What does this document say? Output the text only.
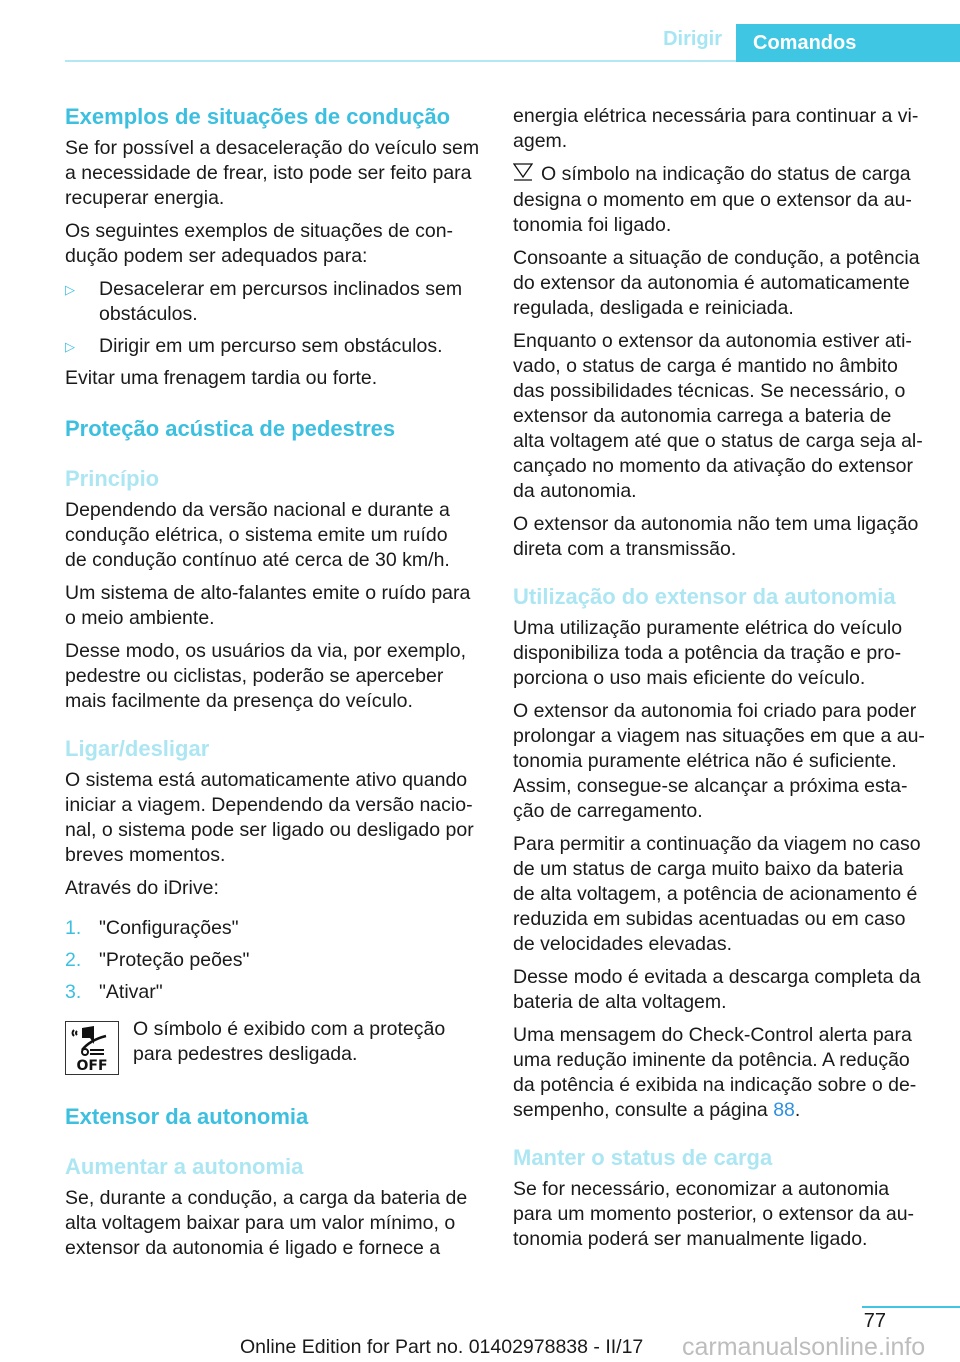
Dirigir	Comandos
Exemplos de situações de condução

Se for possível a desaceleração do veículo sem
a necessidade de frear, isto pode ser feito para
recuperar energia.

Os seguintes exemplos de situações de con‐
dução podem ser adequados para:

▷	Desacelerar em percursos inclinados sem
obstáculos.
▷	Dirigir em um percurso sem obstáculos.

Evitar uma frenagem tardia ou forte.

Proteção acústica de pedestres
Princípio

Dependendo da versão nacional e durante a
condução elétrica, o sistema emite um ruído
de condução contínuo até cerca de 30 km/h.

Um sistema de alto-falantes emite o ruído para
o meio ambiente.

Desse modo, os usuários da via, por exemplo,
pedestre ou ciclistas, poderão se aperceber
mais facilmente da presença do veículo.

Ligar/desligar

O sistema está automaticamente ativo quando
iniciar a viagem. Dependendo da versão nacio‐
nal, o sistema pode ser ligado ou desligado por
breves momentos.

Através do iDrive:

1. "Configurações"
2. "Proteção peões"
3. "Ativar"
OFF

O símbolo é exibido com a proteção
para pedestres desligada.

Extensor da autonomia
Aumentar a autonomia

Se, durante a condução, a carga da bateria de
alta voltagem baixar para um valor mínimo, o
extensor da autonomia é ligado e fornece a

energia elétrica necessária para continuar a vi‐
agem.

O símbolo na indicação do status de carga
designa o momento em que o extensor da au‐
tonomia foi ligado.

Consoante a situação de condução, a potência
do extensor da autonomia é automaticamente
regulada, desligada e reiniciada.

Enquanto o extensor da autonomia estiver ati‐
vado, o status de carga é mantido no âmbito
das possibilidades técnicas. Se necessário, o
extensor da autonomia carrega a bateria de
alta voltagem até que o status de carga seja al‐
cançado no momento da ativação do extensor
da autonomia.

O extensor da autonomia não tem uma ligação
direta com a transmissão.

Utilização do extensor da autonomia

Uma utilização puramente elétrica do veículo
disponibiliza toda a potência da tração e pro‐
porciona o uso mais eficiente do veículo.

O extensor da autonomia foi criado para poder
prolongar a viagem nas situações em que a au‐
tonomia puramente elétrica não é suficiente.
Assim, consegue-se alcançar a próxima esta‐
ção de carregamento.

Para permitir a continuação da viagem no caso
de um status de carga muito baixo da bateria
de alta voltagem, a potência de acionamento é
reduzida em subidas acentuadas ou em caso
de velocidades elevadas.

Desse modo é evitada a descarga completa da
bateria de alta voltagem.

Uma mensagem do Check-Control alerta para
uma redução iminente da potência. A redução
da potência é exibida na indicação sobre o de‐
sempenho, consulte a página 88.

Manter o status de carga

Se for necessário, economizar a autonomia
para um momento posterior, o extensor da au‐
tonomia poderá ser manualmente ligado.

77
Online Edition for Part no. 01402978838 - II/17 carmanualsonline.info
